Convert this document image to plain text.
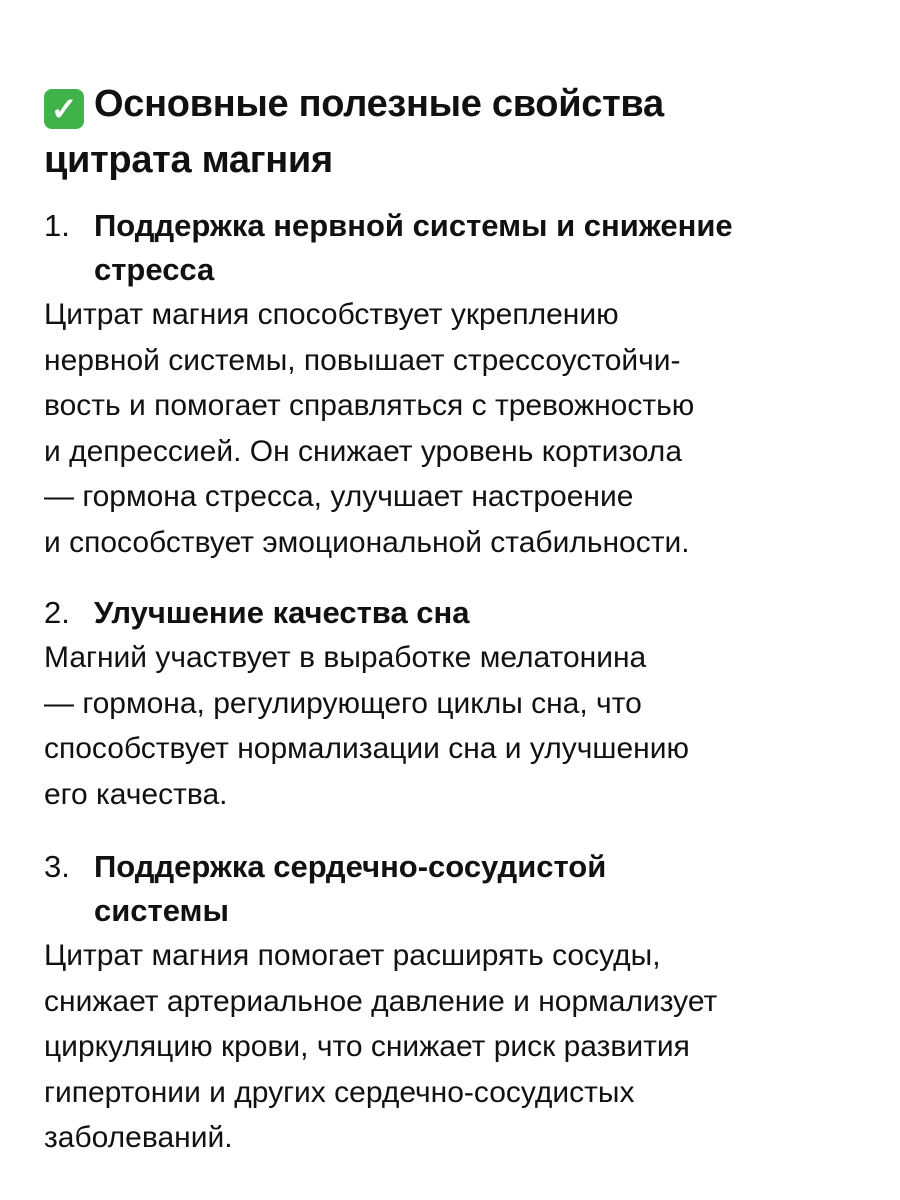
✓ Основные полезные свойства
цитрата магния
1. Поддержка нервной системы и снижение
стресса
Цитрат магния способствует укреплению
нервной системы, повышает стрессоустойчи-
вость и помогает справляться с тревожностью
и депрессией. Он снижает уровень кортизола
— гормона стресса, улучшает настроение
и способствует эмоциональной стабильности.
2. Улучшение качества сна
Магний участвует в выработке мелатонина
— гормона, регулирующего циклы сна, что
способствует нормализации сна и улучшению
его качества.
3. Поддержка сердечно-сосудистой
системы
Цитрат магния помогает расширять сосуды,
снижает артериальное давление и нормализует
циркуляцию крови, что снижает риск развития
гипертонии и других сердечно-сосудистых
заболеваний.
